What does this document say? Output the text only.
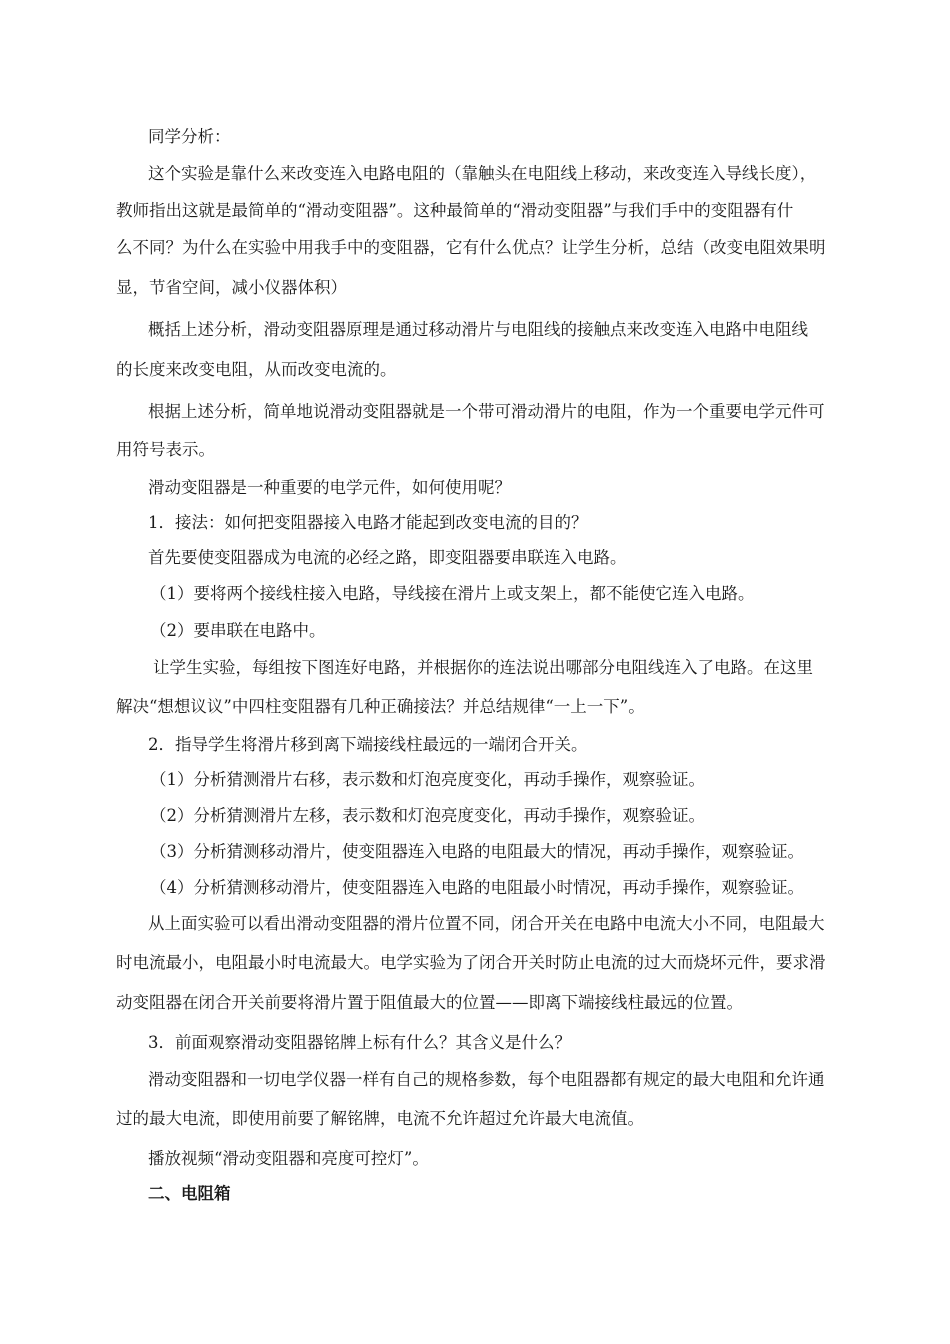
同学分析：
这个实验是靠什么来改变连入电路电阻的（靠触头在电阻线上移动，来改变连入导线长度），
教师指出这就是最简单的“滑动变阻器”。这种最简单的“滑动变阻器”与我们手中的变阻器有什
么不同？为什么在实验中用我手中的变阻器，它有什么优点？让学生分析，总结（改变电阻效果明
显，节省空间，减小仪器体积）
概括上述分析，滑动变阻器原理是通过移动滑片与电阻线的接触点来改变连入电路中电阻线
的长度来改变电阻，从而改变电流的。
根据上述分析，简单地说滑动变阻器就是一个带可滑动滑片的电阻，作为一个重要电学元件可
用符号表示。
滑动变阻器是一种重要的电学元件，如何使用呢？
1．接法：如何把变阻器接入电路才能起到改变电流的目的？
首先要使变阻器成为电流的必经之路，即变阻器要串联连入电路。
（1）要将两个接线柱接入电路，导线接在滑片上或支架上，都不能使它连入电路。
（2）要串联在电路中。
让学生实验，每组按下图连好电路，并根据你的连法说出哪部分电阻线连入了电路。在这里
解决“想想议议”中四柱变阻器有几种正确接法？并总结规律“一上一下”。
2．指导学生将滑片移到离下端接线柱最远的一端闭合开关。
（1）分析猜测滑片右移，表示数和灯泡亮度变化，再动手操作，观察验证。
（2）分析猜测滑片左移，表示数和灯泡亮度变化，再动手操作，观察验证。
（3）分析猜测移动滑片，使变阻器连入电路的电阻最大的情况，再动手操作，观察验证。
（4）分析猜测移动滑片，使变阻器连入电路的电阻最小时情况，再动手操作，观察验证。
从上面实验可以看出滑动变阻器的滑片位置不同，闭合开关在电路中电流大小不同，电阻最大
时电流最小，电阻最小时电流最大。电学实验为了闭合开关时防止电流的过大而烧坏元件，要求滑
动变阻器在闭合开关前要将滑片置于阻值最大的位置——即离下端接线柱最远的位置。
3．前面观察滑动变阻器铭牌上标有什么？其含义是什么？
滑动变阻器和一切电学仪器一样有自己的规格参数，每个电阻器都有规定的最大电阻和允许通
过的最大电流，即使用前要了解铭牌，电流不允许超过允许最大电流值。
播放视频“滑动变阻器和亮度可控灯”。
二、电阻箱
